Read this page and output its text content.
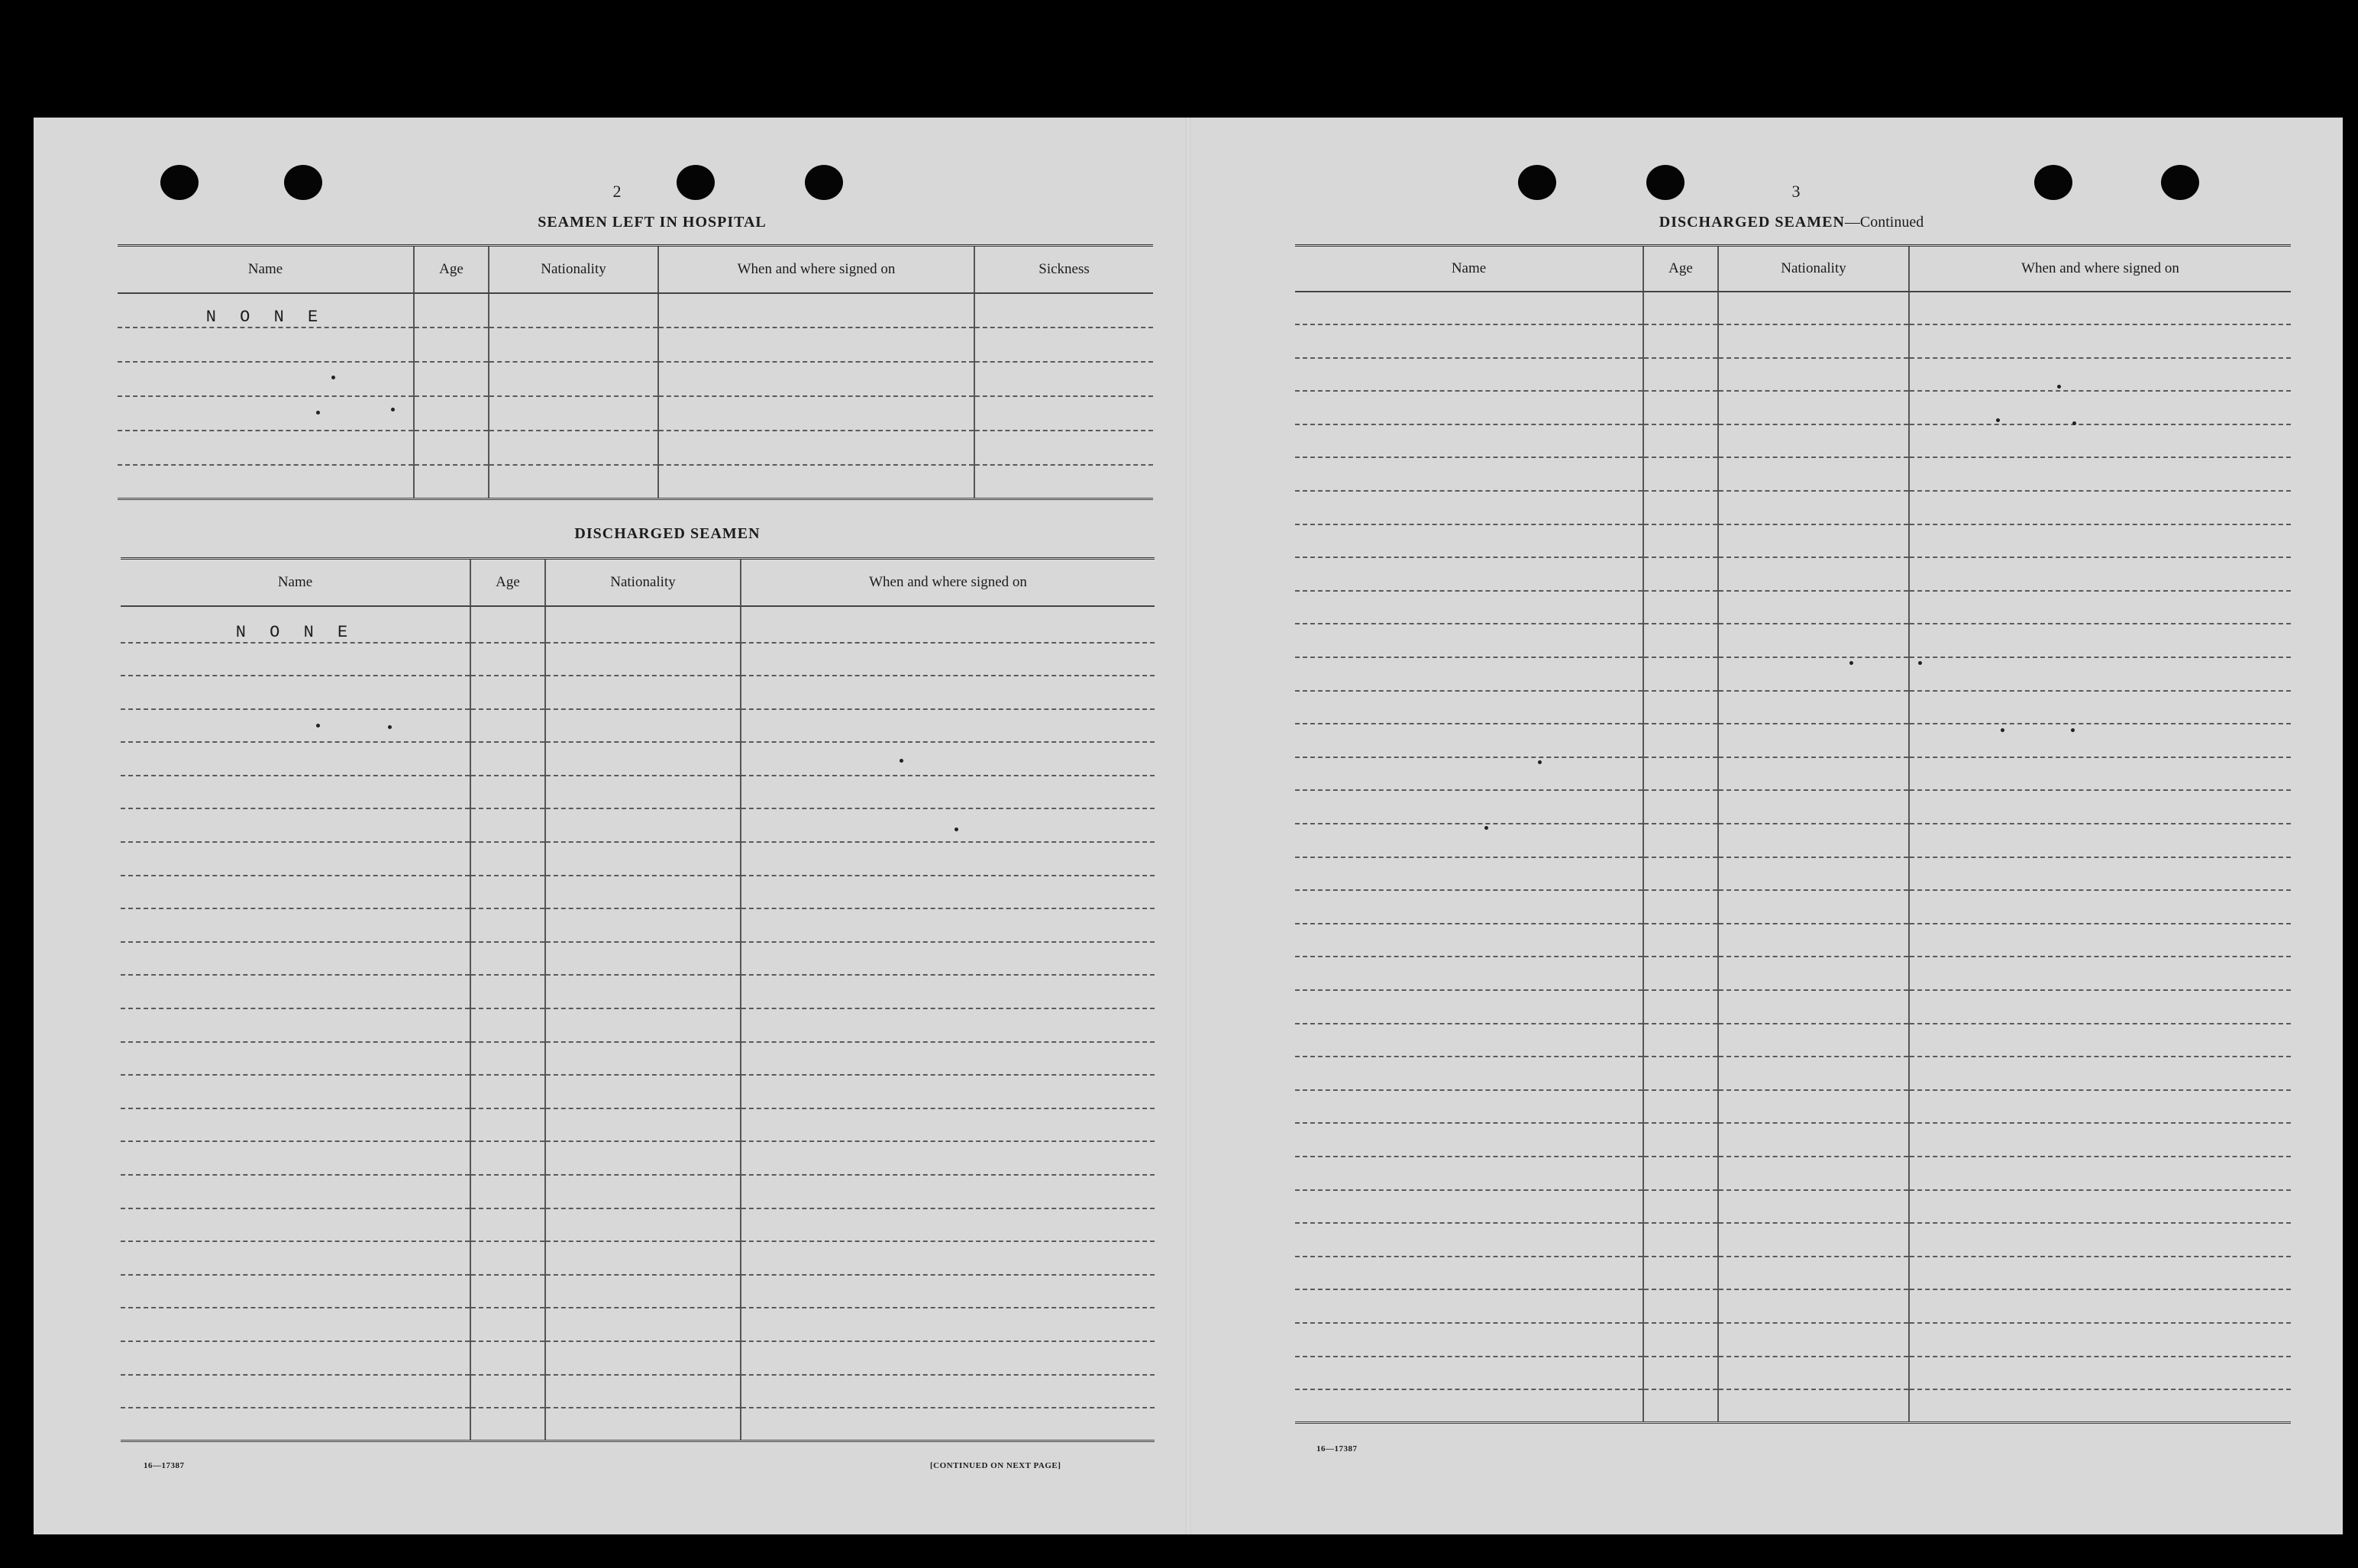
2
SEAMEN LEFT IN HOSPITAL
Name	Age	Nationality	When and where signed on	Sickness
N O N E				

DISCHARGED SEAMEN
Name	Age	Nationality	When and where signed on
N O N E			

16—17387	[CONTINUED ON NEXT PAGE]
3
DISCHARGED SEAMEN—Continued
Name	Age	Nationality	When and where signed on

16—17387
